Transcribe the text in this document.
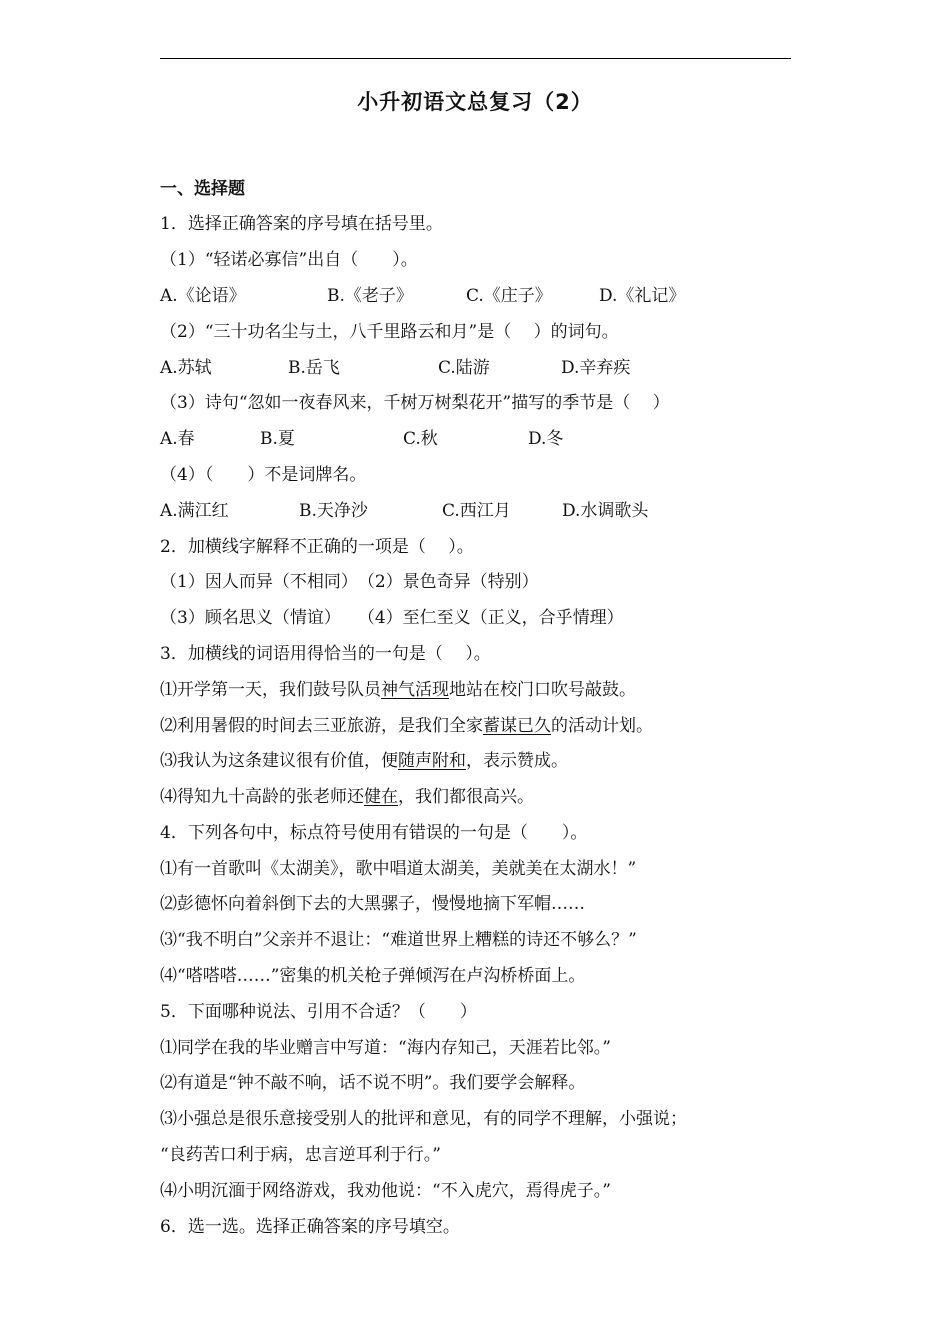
小升初语文总复习（2）
一、选择题
1．选择正确答案的序号填在括号里。
（1）“轻诺必寡信”出自（　　）。
A.《论语》	B.《老子》	C.《庄子》	D.《礼记》
（2）“三十功名尘与土，八千里路云和月”是（　 ）的词句。
A.苏轼	B.岳飞	C.陆游	D.辛弃疾
（3）诗句“忽如一夜春风来，千树万树梨花开”描写的季节是（　 ）
A.春	B.夏	C.秋	D.冬
（4）（　　）不是词牌名。
A.满江红	B.天净沙	C.西江月	D.水调歌头
2．加横线字解释不正确的一项是（　 ）。
（1）因人而异（不相同）　（2）景色奇异（特别）
（3）顾名思义（情谊）　　（4）至仁至义（正义，合乎情理）
3．加横线的词语用得恰当的一句是（　 ）。
⑴开学第一天，我们鼓号队员神气活现地站在校门口吹号敲鼓。
⑵利用暑假的时间去三亚旅游，是我们全家蓄谋已久的活动计划。
⑶我认为这条建议很有价值，便随声附和，表示赞成。
⑷得知九十高龄的张老师还健在，我们都很高兴。
4．下列各句中，标点符号使用有错误的一句是（　　）。
⑴有一首歌叫《太湖美》，歌中唱道太湖美，美就美在太湖水！”
⑵彭德怀向着斜倒下去的大黑骡子，慢慢地摘下军帽……
⑶“我不明白”父亲并不退让：“难道世界上糟糕的诗还不够么？”
⑷“嗒嗒嗒……”密集的机关枪子弹倾泻在卢沟桥桥面上。
5．下面哪种说法、引用不合适？（　　）
⑴同学在我的毕业赠言中写道：“海内存知己，天涯若比邻。”
⑵有道是“钟不敲不响，话不说不明”。我们要学会解释。
⑶小强总是很乐意接受别人的批评和意见，有的同学不理解，小强说；
“良药苦口利于病，忠言逆耳利于行。”
⑷小明沉湎于网络游戏，我劝他说：“不入虎穴，焉得虎子。”
6．选一选。选择正确答案的序号填空。
